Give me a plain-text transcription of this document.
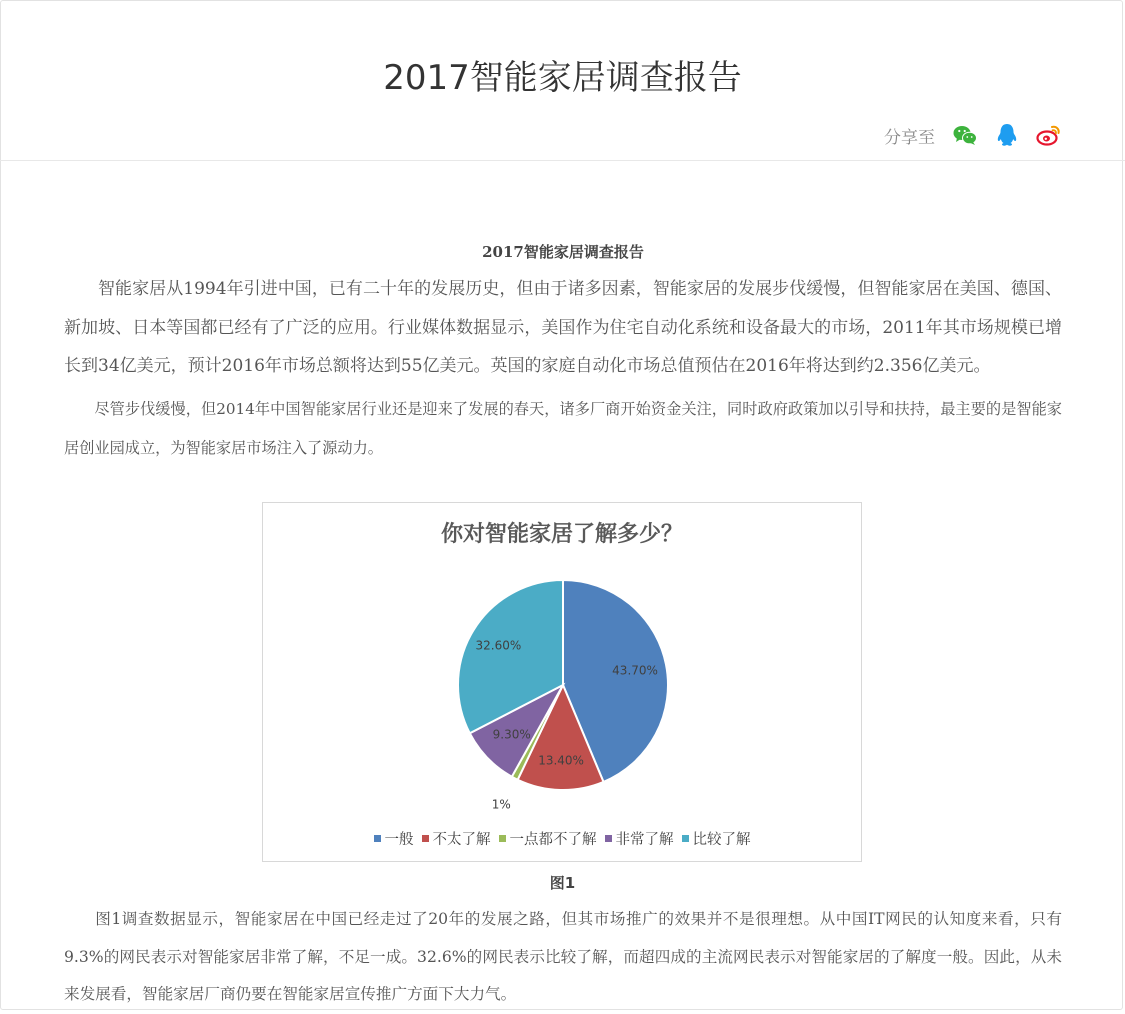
2017智能家居调查报告
分享至
2017智能家居调查报告

智能家居从1994年引进中国，已有二十年的发展历史，但由于诸多因素，智能家居的发展步伐缓慢，但智能家居在美国、德国、新加坡、日本等国都已经有了广泛的应用。行业媒体数据显示，美国作为住宅自动化系统和设备最大的市场，2011年其市场规模已增长到34亿美元，预计2016年市场总额将达到55亿美元。英国的家庭自动化市场总值预估在2016年将达到约2.356亿美元。

尽管步伐缓慢，但2014年中国智能家居行业还是迎来了发展的春天，诸多厂商开始资金关注，同时政府政策加以引导和扶持，最主要的是智能家居创业园成立，为智能家居市场注入了源动力。

你对智能家居了解多少？
43.70%
13.40%
1%
9.30%
32.60%
一般 不太了解 一点都不了解 非常了解 比较了解
图1

图1调查数据显示，智能家居在中国已经走过了20年的发展之路，但其市场推广的效果并不是很理想。从中国IT网民的认知度来看，只有9.3%的网民表示对智能家居非常了解，不足一成。32.6%的网民表示比较了解，而超四成的主流网民表示对智能家居的了解度一般。因此，从未来发展看，智能家居厂商仍要在智能家居宣传推广方面下大力气。
